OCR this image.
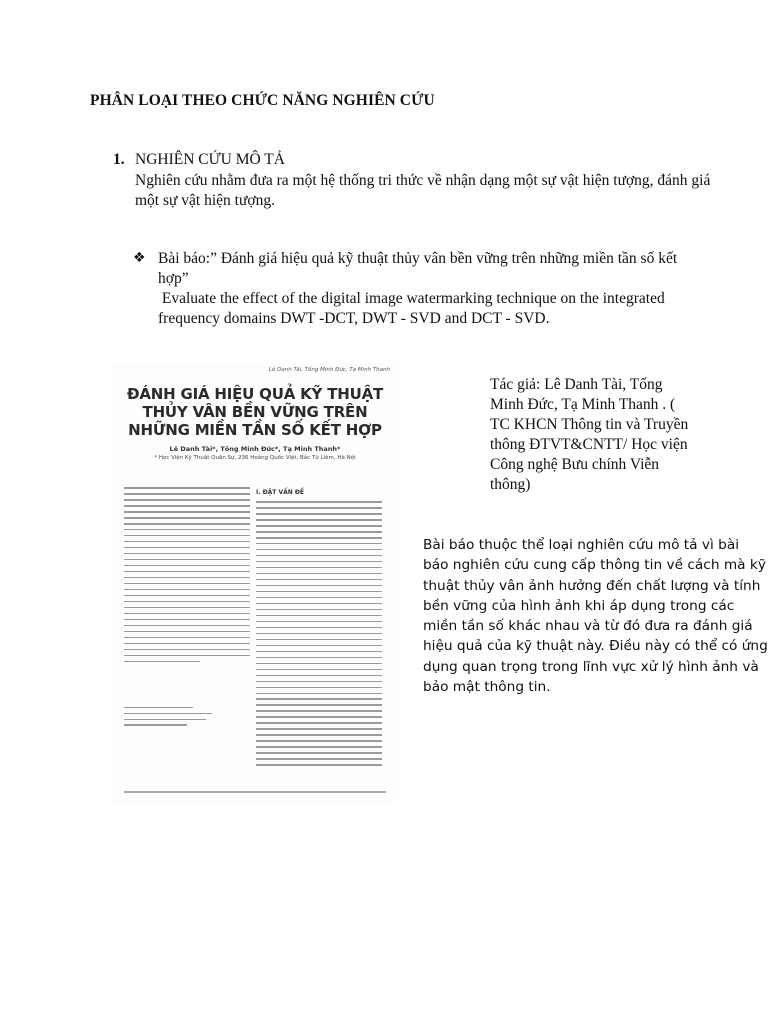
PHÂN LOẠI THEO CHỨC NĂNG NGHIÊN CỨU
1. NGHIÊN CỨU MÔ TẢ
Nghiên cứu nhằm đưa ra một hệ thống tri thức về nhận dạng một sự vật hiện tượng, đánh giá một sự vật hiện tượng.
❖ Bài báo:” Đánh giá hiệu quả kỹ thuật thủy vân bền vững trên những miền tần số kết hợp”
Evaluate the effect of the digital image watermarking technique on the integrated frequency domains DWT -DCT, DWT - SVD and DCT - SVD.
Lê Danh Tài, Tống Minh Đức, Tạ Minh Thanh
ĐÁNH GIÁ HIỆU QUẢ KỸ THUẬT THỦY VÂN BỀN VỮNG TRÊN NHỮNG MIỀN TẦN SỐ KẾT HỢP
Lê Danh Tài*, Tống Minh Đức*, Tạ Minh Thanh*
* Học Viện Kỹ Thuật Quân Sự, 236 Hoàng Quốc Việt, Bắc Từ Liêm, Hà Nội
I. ĐẶT VẤN ĐỀ
Tác giả: Lê Danh Tài, Tống Minh Đức, Tạ Minh Thanh . ( TC KHCN Thông tin và Truyền thông ĐTVT&CNTT/ Học viện Công nghệ Bưu chính Viễn thông)
Bài báo thuộc thể loại nghiên cứu mô tả vì bài báo nghiên cứu cung cấp thông tin về cách mà kỹ thuật thủy vân ảnh hưởng đến chất lượng và tính bền vững của hình ảnh khi áp dụng trong các miền tần số khác nhau và từ đó đưa ra đánh giá hiệu quả của kỹ thuật này. Điều này có thể có ứng dụng quan trọng trong lĩnh vực xử lý hình ảnh và bảo mật thông tin.
